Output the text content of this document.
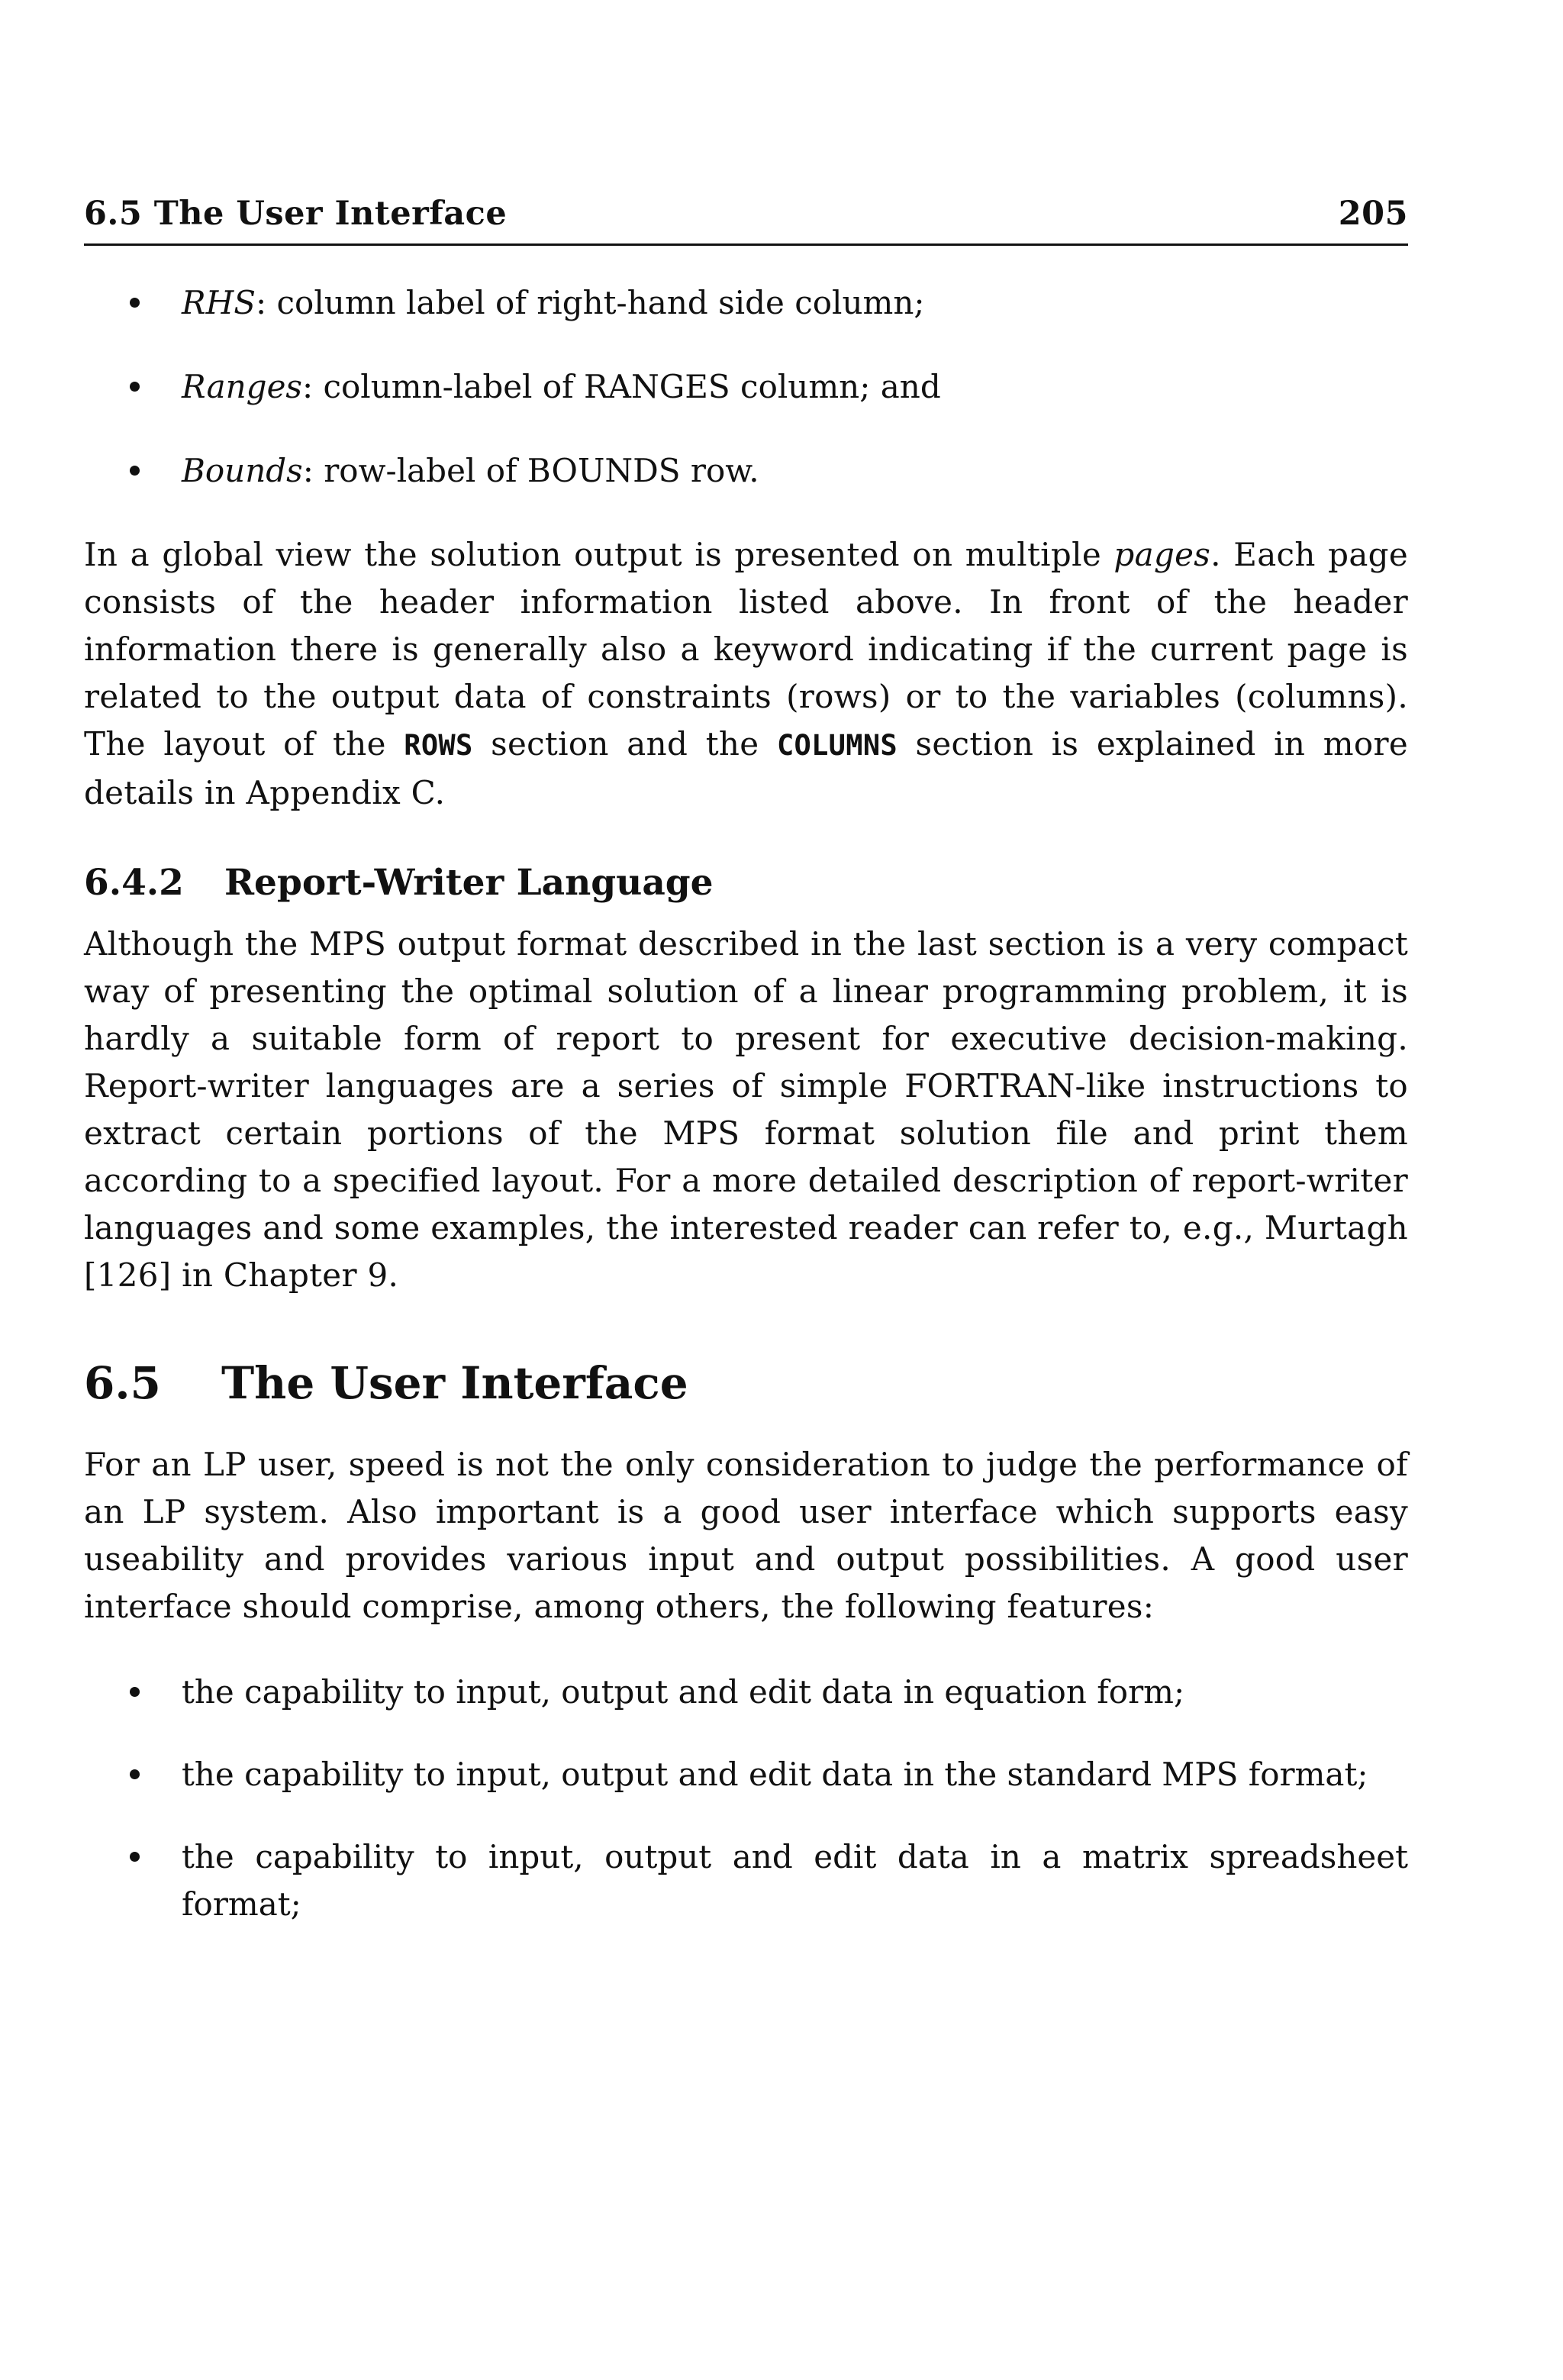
6.5 The User Interface	205
RHS: column label of right-hand side column;
Ranges: column-label of RANGES column; and
Bounds: row-label of BOUNDS row.

In a global view the solution output is presented on multiple pages. Each page consists of the header information listed above. In front of the header information there is generally also a keyword indicating if the current page is related to the output data of constraints (rows) or to the variables (columns). The layout of the ROWS section and the COLUMNS section is explained in more details in Appendix C.

6.4.2 Report-Writer Language

Although the MPS output format described in the last section is a very compact way of presenting the optimal solution of a linear programming problem, it is hardly a suitable form of report to present for executive decision-making. Report-writer languages are a series of simple FORTRAN-like instructions to extract certain portions of the MPS format solution file and print them according to a specified layout. For a more detailed description of report-writer languages and some examples, the interested reader can refer to, e.g., Murtagh [126] in Chapter 9.

6.5 The User Interface

For an LP user, speed is not the only consideration to judge the performance of an LP system. Also important is a good user interface which supports easy useability and provides various input and output possibilities. A good user interface should comprise, among others, the following features:

the capability to input, output and edit data in equation form;
the capability to input, output and edit data in the standard MPS format;
the capability to input, output and edit data in a matrix spreadsheet format;
